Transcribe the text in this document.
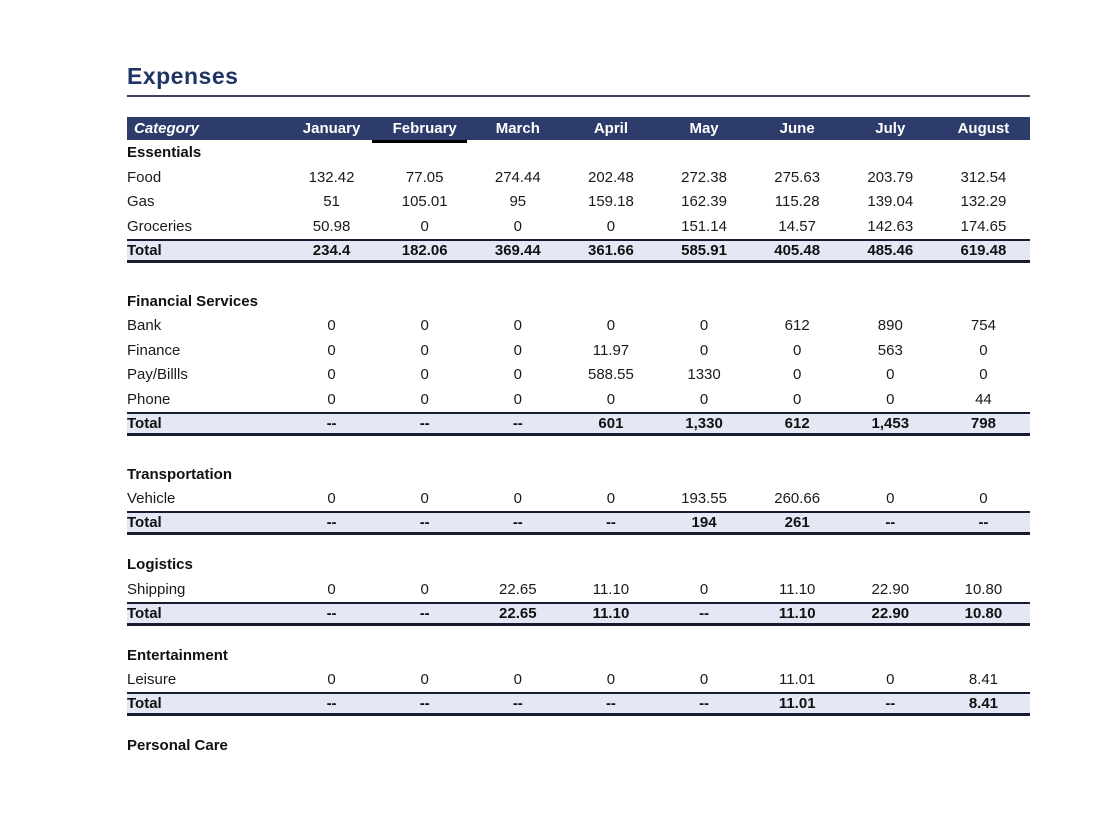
Expenses
Category	January	February	March	April	May	June	July	August
Essentials
Food	132.42	77.05	274.44	202.48	272.38	275.63	203.79	312.54
Gas	51	105.01	95	159.18	162.39	115.28	139.04	132.29
Groceries	50.98	0	0	0	151.14	14.57	142.63	174.65
Total	234.4	182.06	369.44	361.66	585.91	405.48	485.46	619.48
Financial Services
Bank	0	0	0	0	0	612	890	754
Finance	0	0	0	11.97	0	0	563	0
Pay/Billls	0	0	0	588.55	1330	0	0	0
Phone	0	0	0	0	0	0	0	44
Total	--	--	--	601	1,330	612	1,453	798
Transportation
Vehicle	0	0	0	0	193.55	260.66	0	0
Total	--	--	--	--	194	261	--	--
Logistics
Shipping	0	0	22.65	11.10	0	11.10	22.90	10.80
Total	--	--	22.65	11.10	--	11.10	22.90	10.80
Entertainment
Leisure	0	0	0	0	0	11.01	0	8.41
Total	--	--	--	--	--	11.01	--	8.41
Personal Care
